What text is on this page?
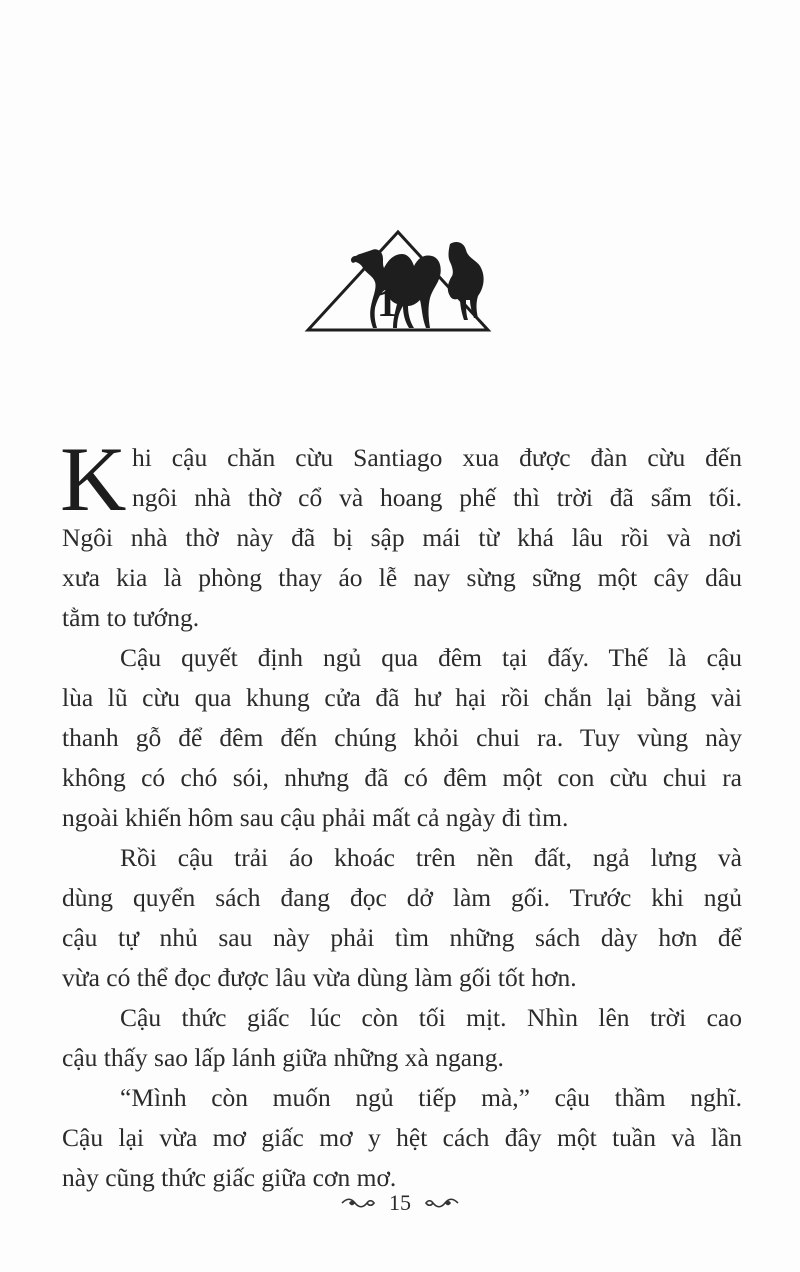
1
K hi cậu chăn cừu Santiago xua được đàn cừu đến
ngôi nhà thờ cổ và hoang phế thì trời đã sẩm tối.
Ngôi nhà thờ này đã bị sập mái từ khá lâu rồi và nơi
xưa kia là phòng thay áo lễ nay sừng sững một cây dâu
tằm to tướng.
Cậu quyết định ngủ qua đêm tại đấy. Thế là cậu
lùa lũ cừu qua khung cửa đã hư hại rồi chắn lại bằng vài
thanh gỗ để đêm đến chúng khỏi chui ra. Tuy vùng này
không có chó sói, nhưng đã có đêm một con cừu chui ra
ngoài khiến hôm sau cậu phải mất cả ngày đi tìm.
Rồi cậu trải áo khoác trên nền đất, ngả lưng và
dùng quyển sách đang đọc dở làm gối. Trước khi ngủ
cậu tự nhủ sau này phải tìm những sách dày hơn để
vừa có thể đọc được lâu vừa dùng làm gối tốt hơn.
Cậu thức giấc lúc còn tối mịt. Nhìn lên trời cao
cậu thấy sao lấp lánh giữa những xà ngang.
“Mình còn muốn ngủ tiếp mà,” cậu thầm nghĩ.
Cậu lại vừa mơ giấc mơ y hệt cách đây một tuần và lần
này cũng thức giấc giữa cơn mơ.
15
